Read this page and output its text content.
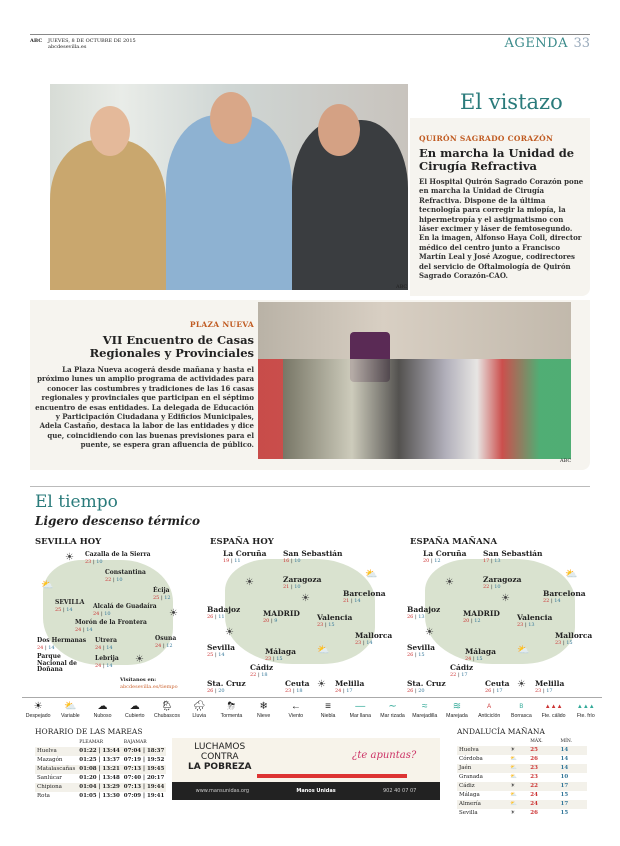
ABC JUEVES, 8 DE OCTUBRE DE 2015
abcdesevilla.es	AGENDA 33
ABC
El vistazo
QUIRÓN SAGRADO CORAZÓN
En marcha la Unidad de Cirugía Refractiva
El Hospital Quirón Sagrado Corazón pone en marcha la Unidad de Cirugía Refractiva. Dispone de la última tecnología para corregir la miopía, la hipermetropía y el astigmatismo con láser excimer y láser de femtosegundo. En la imagen, Alfonso Haya Coll, director médico del centro junto a Francisco Martín Leal y José Azogue, codirectores del servicio de Oftalmología de Quirón Sagrado Corazón-CAO.
PLAZA NUEVA
VII Encuentro de Casas Regionales y Provinciales
La Plaza Nueva acogerá desde mañana y hasta el próximo lunes un amplio programa de actividades para conocer las costumbres y tradiciones de las 16 casas regionales y provinciales que participan en el séptimo encuentro de esas entidades. La delegada de Educación y Participación Ciudadana y Edificios Municipales, Adela Castaño, destaca la labor de las entidades y dice que, coincidiendo con las buenas previsiones para el puente, se espera gran afluencia de público.
ABC
El tiempo
Ligero descenso térmico
SEVILLA HOY
Cazalla de la Sierra
23 | 10
Constantina
22 | 10
Écija
25 | 12
SEVILLA
25 | 14	Alcalá de Guadaíra
24 | 10
Morón de la Frontera
24 | 14
Osuna
24 | 12
Dos Hermanas
24 | 14
Utrera
24 | 14
Lebrija
24 | 14
Parque Nacional de Doñana
☀
⛅
☀
☀
Visítanos en:
abcdesevilla.es/tiempo
ESPAÑA HOY
La Coruña
19 | 11
San Sebastián
16 | 10
Zaragoza
21 | 10
Barcelona
21 | 14
Badajoz
26 | 11	MADRID
20 | 9	Valencia
23 | 15
Mallorca
23 | 14
Sevilla
25 | 14	Málaga
23 | 15
Cádiz
22 | 18
Ceuta
23 | 18
Melilla
24 | 17
Sta. Cruz
26 | 20
☀
⛅
☀
☀
⛅
☀
ESPAÑA MAÑANA
La Coruña
20 | 12
San Sebastián
17 | 13
Zaragoza
22 | 10
Barcelona
22 | 14
Badajoz
26 | 13	MADRID
20 | 12	Valencia
23 | 13
Mallorca
23 | 15
Sevilla
26 | 15	Málaga
24 | 15
Cádiz
22 | 17
Ceuta
26 | 17
Melilla
23 | 17
Sta. Cruz
26 | 20
☀
⛅
☀
☀
⛅
☀
☀
Despejado
⛅
Variable
☁
Nuboso
☁
Cubierto
🌦
Chubascos
🌧
Lluvia
⛈
Tormenta
❄
Nieve
←
Viento
≡
Niebla
—
Mar llana
∼
Mar rizada
≈
Marejadilla
≋
Marejada
A
Anticiclón
B
Borrasca
▲▲▲
Fte. cálido
▲▲▲
Fte. frío
HORARIO DE LAS MAREAS
	PLEAMAR	BAJAMAR
Huelva	01:22 | 13:44	07:04 | 18:37
Mazagón	01:25 | 13:37	07:19 | 19:52
Matalascañas	01:08 | 13:21	07:13 | 19:45
Sanlúcar	01:20 | 13:48	07:40 | 20:17
Chipiona	01:04 | 13:29	07:13 | 19:44
Rota	01:05 | 13:30	07:09 | 19:41
LUCHAMOS
CONTRA
LA POBREZA
¿te apuntas?
www.mansunidas.org	Manos Unidas	902 40 07 07
ANDALUCÍA MAÑANA
		MÁX.	MÍN.
Huelva	☀	25	14
Córdoba	⛅	26	14
Jaén	⛅	23	14
Granada	⛅	23	10
Cádiz	☀	22	17
Málaga	⛅	24	15
Almería	⛅	24	17
Sevilla	☀	26	15
